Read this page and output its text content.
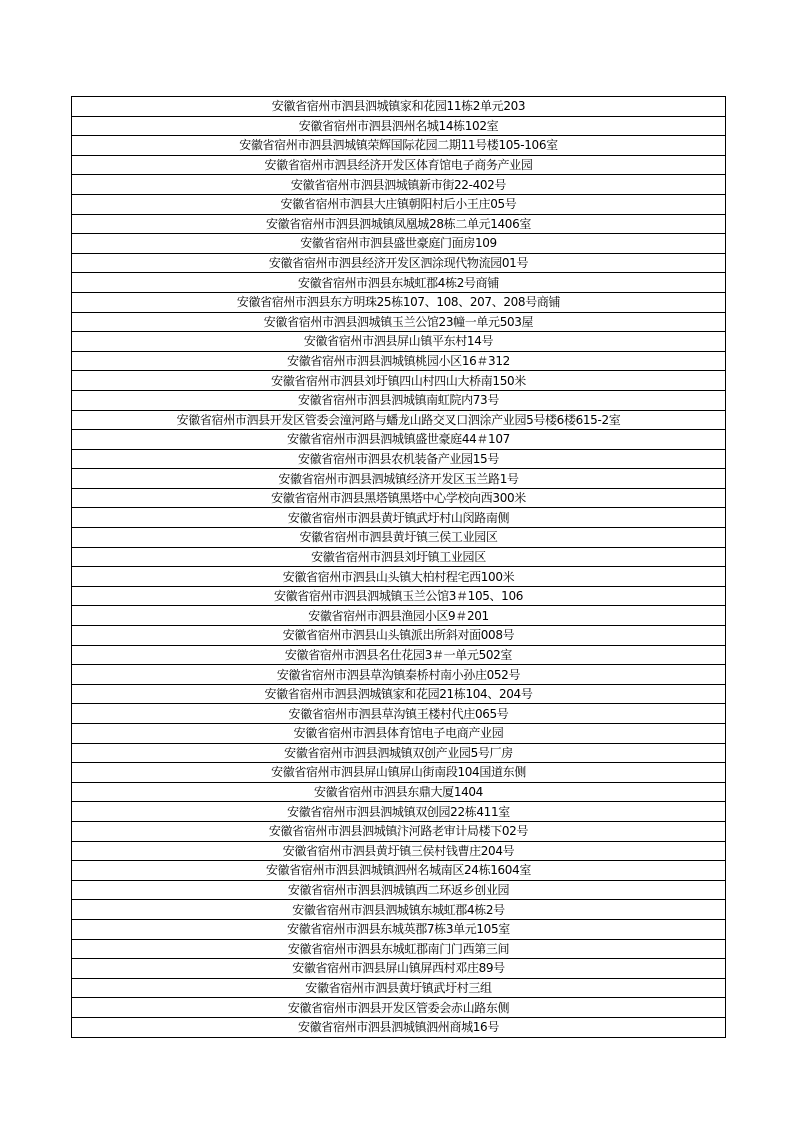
安徽省宿州市泗县泗城镇家和花园11栋2单元203
安徽省宿州市泗县泗州名城14栋102室
安徽省宿州市泗县泗城镇荣辉国际花园二期11号楼105-106室
安徽省宿州市泗县经济开发区体育馆电子商务产业园
安徽省宿州市泗县泗城镇新市街22-402号
安徽省宿州市泗县大庄镇朝阳村后小王庄05号
安徽省宿州市泗县泗城镇凤凰城28栋二单元1406室
安徽省宿州市泗县盛世豪庭门面房109
安徽省宿州市泗县经济开发区泗涂现代物流园01号
安徽省宿州市泗县东城虹郡4栋2号商铺
安徽省宿州市泗县东方明珠25栋107、108、207、208号商铺
安徽省宿州市泗县泗城镇玉兰公馆23幢一单元503屋
安徽省宿州市泗县屏山镇平东村14号
安徽省宿州市泗县泗城镇桃园小区16＃312
安徽省宿州市泗县刘圩镇四山村四山大桥南150米
安徽省宿州市泗县泗城镇南虹院内73号
安徽省宿州市泗县开发区管委会潼河路与蟠龙山路交叉口泗涂产业园5号楼6楼615-2室
安徽省宿州市泗县泗城镇盛世豪庭44＃107
安徽省宿州市泗县农机装备产业园15号
安徽省宿州市泗县泗城镇经济开发区玉兰路1号
安徽省宿州市泗县黑塔镇黑塔中心学校向西300米
安徽省宿州市泗县黄圩镇武圩村山闵路南侧
安徽省宿州市泗县黄圩镇三侯工业园区
安徽省宿州市泗县刘圩镇工业园区
安徽省宿州市泗县山头镇大柏村程宅西100米
安徽省宿州市泗县泗城镇玉兰公馆3＃105、106
安徽省宿州市泗县渔园小区9＃201
安徽省宿州市泗县山头镇派出所斜对面008号
安徽省宿州市泗县名仕花园3＃一单元502室
安徽省宿州市泗县草沟镇秦桥村南小孙庄052号
安徽省宿州市泗县泗城镇家和花园21栋104、204号
安徽省宿州市泗县草沟镇王楼村代庄065号
安徽省宿州市泗县体育馆电子电商产业园
安徽省宿州市泗县泗城镇双创产业园5号厂房
安徽省宿州市泗县屏山镇屏山街南段104国道东侧
安徽省宿州市泗县东鼎大厦1404
安徽省宿州市泗县泗城镇双创园22栋411室
安徽省宿州市泗县泗城镇汴河路老审计局楼下02号
安徽省宿州市泗县黄圩镇三侯村钱曹庄204号
安徽省宿州市泗县泗城镇泗州名城南区24栋1604室
安徽省宿州市泗县泗城镇西二环返乡创业园
安徽省宿州市泗县泗城镇东城虹郡4栋2号
安徽省宿州市泗县东城英郡7栋3单元105室
安徽省宿州市泗县东城虹郡南门门西第三间
安徽省宿州市泗县屏山镇屏西村邓庄89号
安徽省宿州市泗县黄圩镇武圩村三组
安徽省宿州市泗县开发区管委会赤山路东侧
安徽省宿州市泗县泗城镇泗州商城16号
